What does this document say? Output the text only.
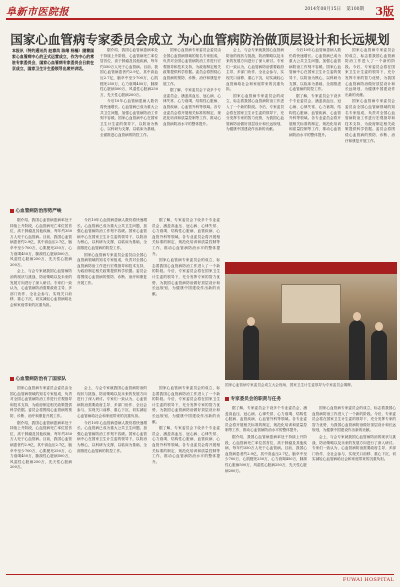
阜新市医院报	2014年08月15日 第100期 3版
国家心血管病专家委员会成立 为心血管病防治做顶层设计和长远规划
本报讯（特约通讯员 赵春凤 陈绪 杨楠）随着国家心血管病中心的正式运营成立，作为中心的常驻专家委员会，国家心血管病专家委员会日前在京成立，国家卫生计生委领导出席并讲话。

据介绍，我国心血管病患病率处于持续上升阶段，心血管病死亡率位居首位，高于肿瘤及其他疾病，每年约350万人死于心血管病。目前，我国心血管病患者约2.9亿，其中高血压2.7亿，脑卒中至少700万，心肌梗死250万，心力衰竭450万，肺源性心脏病500万，风湿性心脏病250万，先天性心脏病200万。

今后10年心血管病患病人数仍将快速增长。心血管病已成为重大公共卫生问题，加强心血管病防治工作刻不容缓。国家心血管病中心在国家卫生计生委的领导下，以防治为核心，以科研为支撑，以临床为基础，全面推进心血管病的防控工作。

国家心血管病专家委员会委员由全国心血管病领域的知名专家组成，负责对全国心血管病防治工作进行宏观指导和技术支持，为政府制定相关政策提供科学依据。委员会将围绕心血管病的预防、诊断、治疗和康复开展工作。

据了解，专家委员会下设多个专业委员会，涵盖高血压、冠心病、心律失常、心力衰竭、结构性心脏病、血管疾病、心血管外科等领域。各专业委员会将开展相关标准的制定、规范化培训和质量控制等工作，推动心血管病防治水平的整体提升。

会上，与会专家就我国心血管病防治的现状与挑战、防治策略以及未来的发展方向进行了深入研讨。专家们一致认为，心血管病防治需要政府主导、多部门协作、全社会参与，实现关口前移、重心下沉，切实减轻心血管病给社会和家庭带来的沉重负担。

国家心血管病专家委员会的成立，标志着我国心血管病防治工作进入了一个新的阶段。今后，专家委员会将在国家卫生计生委的领导下，充分发挥专家的智力优势，为我国心血管病防治做好顶层设计和长远规划，为健康中国建设作出新的贡献。

今后10年心血管病患病人数仍将快速增长。心血管病已成为重大公共卫生问题，加强心血管病防治工作刻不容缓。国家心血管病中心在国家卫生计生委的领导下，以防治为核心，以科研为支撑，以临床为基础，全面推进心血管病的防控工作。

据了解，专家委员会下设多个专业委员会，涵盖高血压、冠心病、心律失常、心力衰竭、结构性心脏病、血管疾病、心血管外科等领域。各专业委员会将开展相关标准的制定、规范化培训和质量控制等工作，推动心血管病防治水平的整体提升。

国家心血管病专家委员会的成立，标志着我国心血管病防治工作进入了一个新的阶段。今后，专家委员会将在国家卫生计生委的领导下，充分发挥专家的智力优势，为我国心血管病防治做好顶层设计和长远规划，为健康中国建设作出新的贡献。

国家心血管病专家委员会委员由全国心血管病领域的知名专家组成，负责对全国心血管病防治工作进行宏观指导和技术支持，为政府制定相关政策提供科学依据。委员会将围绕心血管病的预防、诊断、治疗和康复开展工作。

心血管病防治形势严峻

据介绍，我国心血管病患病率处于持续上升阶段，心血管病死亡率位居首位，高于肿瘤及其他疾病，每年约350万人死于心血管病。目前，我国心血管病患者约2.9亿，其中高血压2.7亿，脑卒中至少700万，心肌梗死250万，心力衰竭450万，肺源性心脏病500万，风湿性心脏病250万，先天性心脏病200万。

会上，与会专家就我国心血管病防治的现状与挑战、防治策略以及未来的发展方向进行了深入研讨。专家们一致认为，心血管病防治需要政府主导、多部门协作、全社会参与，实现关口前移、重心下沉，切实减轻心血管病给社会和家庭带来的沉重负担。

今后10年心血管病患病人数仍将快速增长。心血管病已成为重大公共卫生问题，加强心血管病防治工作刻不容缓。国家心血管病中心在国家卫生计生委的领导下，以防治为核心，以科研为支撑，以临床为基础，全面推进心血管病的防控工作。

国家心血管病专家委员会委员由全国心血管病领域的知名专家组成，负责对全国心血管病防治工作进行宏观指导和技术支持，为政府制定相关政策提供科学依据。委员会将围绕心血管病的预防、诊断、治疗和康复开展工作。

据了解，专家委员会下设多个专业委员会，涵盖高血压、冠心病、心律失常、心力衰竭、结构性心脏病、血管疾病、心血管外科等领域。各专业委员会将开展相关标准的制定、规范化培训和质量控制等工作，推动心血管病防治水平的整体提升。

国家心血管病专家委员会的成立，标志着我国心血管病防治工作进入了一个新的阶段。今后，专家委员会将在国家卫生计生委的领导下，充分发挥专家的智力优势，为我国心血管病防治做好顶层设计和长远规划，为健康中国建设作出新的贡献。

国家心血管病专家委员会成立大会现场，国家卫生计生委领导为专家委员会揭牌。
心血管病防治有了国家队

国家心血管病专家委员会委员由全国心血管病领域的知名专家组成，负责对全国心血管病防治工作进行宏观指导和技术支持，为政府制定相关政策提供科学依据。委员会将围绕心血管病的预防、诊断、治疗和康复开展工作。

据介绍，我国心血管病患病率处于持续上升阶段，心血管病死亡率位居首位，高于肿瘤及其他疾病，每年约350万人死于心血管病。目前，我国心血管病患者约2.9亿，其中高血压2.7亿，脑卒中至少700万，心肌梗死250万，心力衰竭450万，肺源性心脏病500万，风湿性心脏病250万，先天性心脏病200万。

会上，与会专家就我国心血管病防治的现状与挑战、防治策略以及未来的发展方向进行了深入研讨。专家们一致认为，心血管病防治需要政府主导、多部门协作、全社会参与，实现关口前移、重心下沉，切实减轻心血管病给社会和家庭带来的沉重负担。

今后10年心血管病患病人数仍将快速增长。心血管病已成为重大公共卫生问题，加强心血管病防治工作刻不容缓。国家心血管病中心在国家卫生计生委的领导下，以防治为核心，以科研为支撑，以临床为基础，全面推进心血管病的防控工作。

国家心血管病专家委员会的成立，标志着我国心血管病防治工作进入了一个新的阶段。今后，专家委员会将在国家卫生计生委的领导下，充分发挥专家的智力优势，为我国心血管病防治做好顶层设计和长远规划，为健康中国建设作出新的贡献。

据了解，专家委员会下设多个专业委员会，涵盖高血压、冠心病、心律失常、心力衰竭、结构性心脏病、血管疾病、心血管外科等领域。各专业委员会将开展相关标准的制定、规范化培训和质量控制等工作，推动心血管病防治水平的整体提升。

专家委员会的职责与任务

据了解，专家委员会下设多个专业委员会，涵盖高血压、冠心病、心律失常、心力衰竭、结构性心脏病、血管疾病、心血管外科等领域。各专业委员会将开展相关标准的制定、规范化培训和质量控制等工作，推动心血管病防治水平的整体提升。

据介绍，我国心血管病患病率处于持续上升阶段，心血管病死亡率位居首位，高于肿瘤及其他疾病，每年约350万人死于心血管病。目前，我国心血管病患者约2.9亿，其中高血压2.7亿，脑卒中至少700万，心肌梗死250万，心力衰竭450万，肺源性心脏病500万，风湿性心脏病250万，先天性心脏病200万。

国家心血管病专家委员会的成立，标志着我国心血管病防治工作进入了一个新的阶段。今后，专家委员会将在国家卫生计生委的领导下，充分发挥专家的智力优势，为我国心血管病防治做好顶层设计和长远规划，为健康中国建设作出新的贡献。

会上，与会专家就我国心血管病防治的现状与挑战、防治策略以及未来的发展方向进行了深入研讨。专家们一致认为，心血管病防治需要政府主导、多部门协作、全社会参与，实现关口前移、重心下沉，切实减轻心血管病给社会和家庭带来的沉重负担。

FUWAI HOSPITAL
